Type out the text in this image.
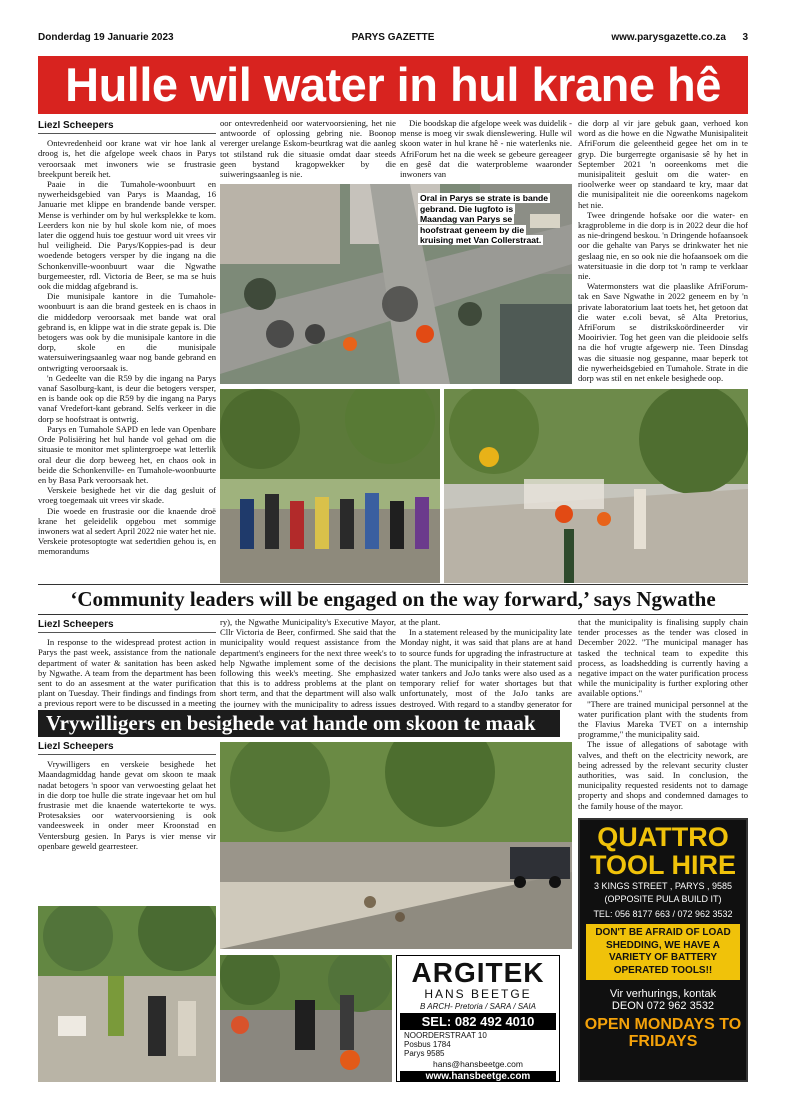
Donderdag 19 Januarie 2023	PARYS GAZETTE	www.parysgazette.co.za 3
Hulle wil water in hul krane hê
Liezl Scheepers

Ontevredenheid oor krane wat vir hoe lank al droog is, het die afgelope week chaos in Parys veroorsaak met inwoners wie se frustrasie breekpunt bereik het.

Paaie in die Tumahole-woonbuurt en nywerheidsgebied van Parys is Maandag, 16 Januarie met klippe en brandende bande versper. Mense is verhinder om by hul werksplekke te kom. Leerders kon nie by hul skole kom nie, of moes later die oggend huis toe gestuur word uit vrees vir hul veiligheid. Die Parys/Koppies-pad is deur woedende betogers versper by die ingang na die Schonkenville-woonbuurt waar die Ngwathe burgemeester, rdl. Victoria de Beer, se ma se huis ook die middag afgebrand is.

Die munisipale kantore in die Tumahole-woonbuurt is aan die brand gesteek en is chaos in die middedorp veroorsaak met bande wat oral gebrand is, en klippe wat in die strate gepak is. Die betogers was ook by die munisipale kantore in die dorp, skole en die munisipale watersuiweringsaanleg waar nog bande gebrand en ontwrigting veroorsaak is.

'n Gedeelte van die R59 by die ingang na Parys vanaf Sasolburg-kant, is deur die betogers versper, en is bande ook op die R59 by die ingang na Parys vanaf Vredefort-kant gebrand. Selfs verkeer in die dorp se hoofstraat is ontwrig.

Parys en Tumahole SAPD en lede van Openbare Orde Polisiëring het hul hande vol gehad om die situasie te monitor met splintergroepe wat letterlik oral deur die dorp beweeg het, en chaos ook in beide die Schonkenville- en Tumahole-woonbuurte en by Basa Park veroorsaak het.

Verskeie besighede het vir die dag gesluit of vroeg toegemaak uit vrees vir skade.

Die woede en frustrasie oor die knaende droë krane het geleidelik opgebou met sommige inwoners wat al sedert April 2022 nie water het nie. Verskeie protesoptogte wat sedertdien gehou is, en memorandums

oor ontevredenheid oor watervoorsiening, het nie antwoorde of oplossing gebring nie. Boonop vererger urelange Eskom-beurtkrag wat die aanleg tot stilstand ruk die situasie omdat daar steeds geen bystand kragopwekker by die suiweringsaanleg is nie.

Die boodskap die afgelope week was duidelik - mense is moeg vir swak dienslewering. Hulle wil skoon water in hul krane hê - nie waterlenks nie. AfriForum het na die week se gebeure gereageer en gesê dat die waterprobleme waaronder inwoners van

die dorp al vir jare gebuk gaan, verhoed kon word as die howe en die Ngwathe Munisipaliteit AfriForum die geleentheid gegee het om in te gryp. Die burgerregte organisasie sê hy het in September 2021 'n ooreenkoms met die munisipaliteit gesluit om die water- en rioolwerke weer op standaard te kry, maar dat die munisipaliteit nie die ooreenkoms nagekom het nie.

Twee dringende hofsake oor die water- en kragprobleme in die dorp is in 2022 deur die hof as nie-dringend beskou. 'n Dringende hofaansoek oor die gehalte van Parys se drinkwater het nie geslaag nie, en so ook nie die hofaansoek om die watersituasie in die dorp tot 'n ramp te verklaar nie.

Watermonsters wat die plaaslike AfriForum-tak en Save Ngwathe in 2022 geneem en by 'n private laboratorium laat toets het, het getoon dat die water e.coli bevat, sê Alta Pretorius, AfriForum se distrikskoördineerder vir Mooirivier. Tog het geen van die pleidooie selfs na die hof vrugte afgewerp nie. Teen Dinsdag was die situasie nog gespanne, maar beperk tot die nywerheidsgebied en Tumahole. Strate in die dorp was stil en net enkele besighede oop.

Oral in Parys se strate is bande gebrand. Die lugfoto is Maandag van Parys se hoofstraat geneem by die kruising met Van Collerstraat.
‘Community leaders will be engaged on the way forward,’ says Ngwathe
Liezl Scheepers

In response to the widespread protest action in Parys the past week, assistance from the nationale department of water & sanitation has been asked by Ngwathe. A team from the department has been sent to do an assesment at the water purification plant on Tuesday. Their findings and findings from a previous report were to be discussed in a meeting

ry), the Ngwathe Municipality's Executive Mayor, Cllr Victoria de Beer, confirmed. She said that the municipality would request assistance from the department's engineers for the next three week's to help Ngwathe implement some of the decisions following this week's meeting. She emphasized that this is to address problems at the plant on short term, and that the department will also walk the journey with the municipality to adress issues

at the plant.

In a statement released by the municipality late Monday night, it was said that plans are at hand to source funds for upgrading the infrastructure at the plant. The municipality in their statement said water tankers and JoJo tanks were also used as a temporary relief for water shortages but that unfortunately, most of the JoJo tanks are destroyed. With regard to a standby generator for

that the municipality is finalising supply chain tender processes as the tender was closed in December 2022. "The municipal manager has tasked the technical team to expedite this process, as loadshedding is currently having a negative impact on the water purification process while the municipality is further exploring other available options."

"There are trained municipal personnel at the water purification plant with the students from the Flavius Mareka TVET on a internship programme," the municipality said.

The issue of allegations of sabotage with valves, and theft on the electricity nework, are being adressed by the relevant security cluster authorities, was said. In conclusion, the municipality requested residents not to damage property and shops and condemned damages to the family house of the mayor.

Vrywilligers en besighede vat hande om skoon te maak
Liezl Scheepers

Vrywilligers en verskeie besighede het Maandagmiddag hande gevat om skoon te maak nadat betogers 'n spoor van verwoesting gelaat het in die dorp toe hulle die strate ingevaar het om hul frustrasie met die knaende watertekorte te wys. Protesaksies oor watervoorsiening is ook vandeesweek in onder meer Kroonstad en Ventersburg gesien. In Parys is vier mense vir openbare geweld gearresteer.

ARGITEK
HANS BEETGE
B ARCH- Pretoria / SARA / SAIA
SEL: 082 492 4010
NOORDERSTRAAT 10
Posbus 1784
Parys 9585
hans@hansbeetge.com
www.hansbeetge.com
QUATTRO
TOOL HIRE
3 KINGS STREET , PARYS , 9585
(OPPOSITE PULA BUILD IT)
TEL: 056 8177 663 / 072 962 3532
DON'T BE AFRAID OF LOAD SHEDDING, WE HAVE A VARIETY OF BATTERY OPERATED TOOLS!!
Vir verhurings, kontak
DEON 072 962 3532
OPEN MONDAYS TO FRIDAYS
